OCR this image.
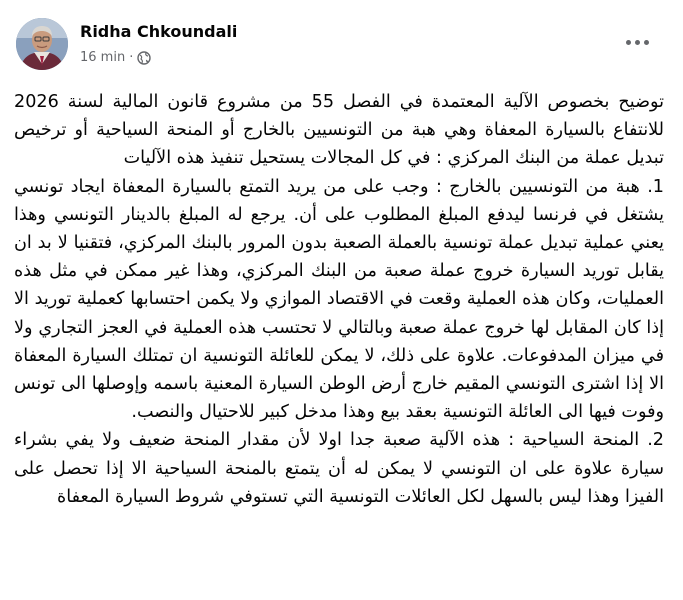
Ridha Chkoundali
16 min ·

توضيح بخصوص الآلية المعتمدة في الفصل 55 من مشروع قانون المالية لسنة 2026 للانتفاع بالسيارة المعفاة وهي هبة من التونسيين بالخارج أو المنحة السياحية أو ترخيص تبديل عملة من البنك المركزي : في كل المجالات يستحيل تنفيذ هذه الآليات

1. هبة من التونسيين بالخارج : وجب على من يريد التمتع بالسيارة المعفاة ايجاد تونسي يشتغل في فرنسا ليدفع المبلغ المطلوب على أن. يرجع له المبلغ بالدينار التونسي وهذا يعني عملية تبديل عملة تونسية بالعملة الصعبة بدون المرور بالبنك المركزي، فتقنيا لا بد ان يقابل توريد السيارة خروج عملة صعبة من البنك المركزي، وهذا غير ممكن في مثل هذه العمليات، وكان هذه العملية وقعت في الاقتصاد الموازي ولا يكمن احتسابها كعملية توريد الا إذا كان المقابل لها خروج عملة صعبة وبالتالي لا تحتسب هذه العملية في العجز التجاري ولا في ميزان المدفوعات. علاوة على ذلك، لا يمكن للعائلة التونسية ان تمتلك السيارة المعفاة الا إذا اشترى التونسي المقيم خارج أرض الوطن السيارة المعنية باسمه وإوصلها الى تونس وفوت فيها الى العائلة التونسية بعقد بيع وهذا مدخل كبير للاحتيال والنصب.

2. المنحة السياحية : هذه الآلية صعبة جدا اولا لأن مقدار المنحة ضعيف ولا يفي بشراء سيارة علاوة على ان التونسي لا يمكن له أن يتمتع بالمنحة السياحية الا إذا تحصل على الفيزا وهذا ليس بالسهل لكل العائلات التونسية التي تستوفي شروط السيارة المعفاة
